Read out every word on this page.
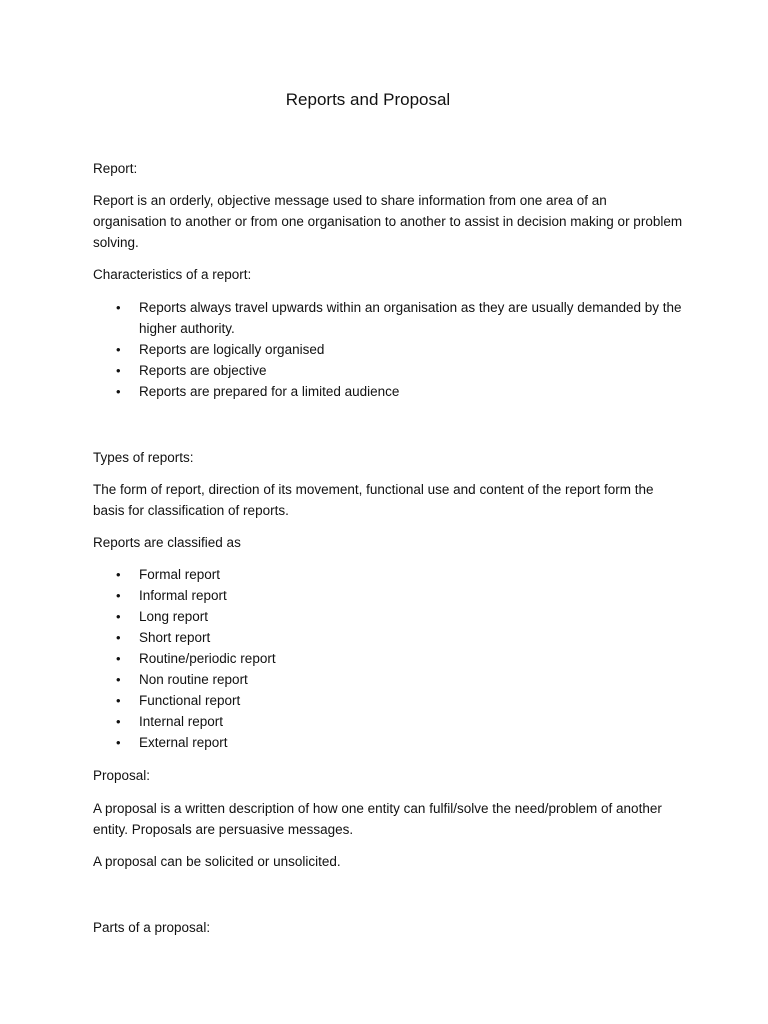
Reports and Proposal

Report:

Report is an orderly, objective message used to share information from one area of an organisation to another or from one organisation to another to assist in decision making or problem solving.

Characteristics of a report:

• Reports always travel upwards within an organisation as they are usually demanded by the higher authority.
• Reports are logically organised
• Reports are objective
• Reports are prepared for a limited audience

Types of reports:

The form of report, direction of its movement, functional use and content of the report form the basis for classification of reports.

Reports are classified as

• Formal report
• Informal report
• Long report
• Short report
• Routine/periodic report
• Non routine report
• Functional report
• Internal report
• External report

Proposal:

A proposal is a written description of how one entity can fulfil/solve the need/problem of another entity. Proposals are persuasive messages.

A proposal can be solicited or unsolicited.

Parts of a proposal:
